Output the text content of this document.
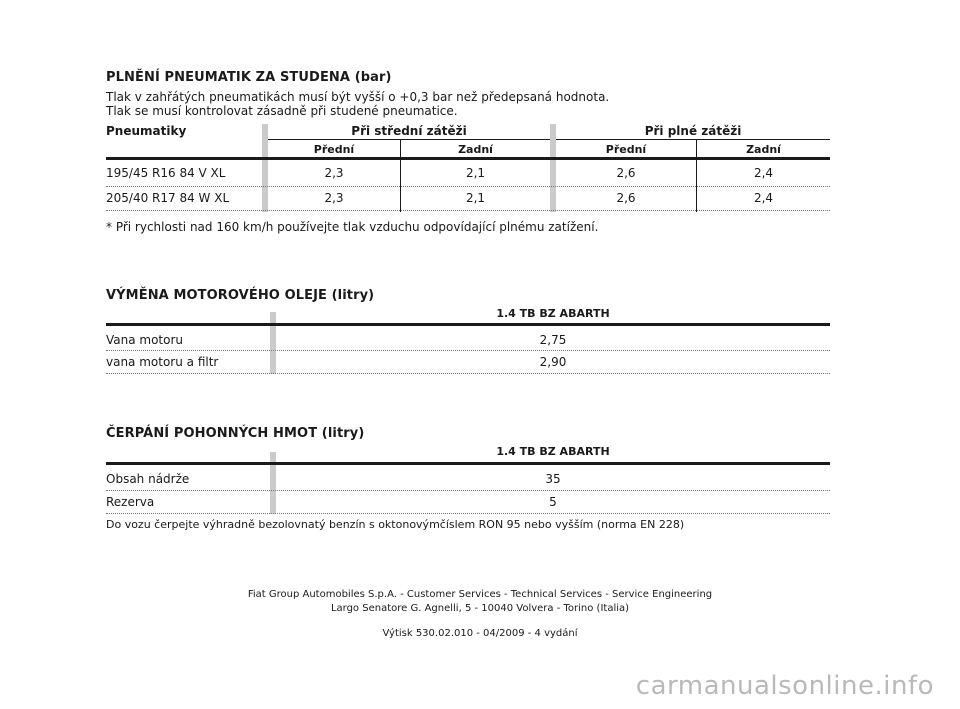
PLNĚNÍ PNEUMATIK ZA STUDENA (bar)
Tlak v zahřátých pneumatikách musí být vyšší o +0,3 bar než předepsaná hodnota.
Tlak se musí kontrolovat zásadně při studené pneumatice.
Pneumatiky	Při střední zátěži	Při plné zátěži
Přední	Zadní	Přední	Zadní
195/45 R16 84 V XL	2,3	2,1	2,6	2,4
205/40 R17 84 W XL	2,3	2,1	2,6	2,4
* Při rychlosti nad 160 km/h používejte tlak vzduchu odpovídající plnému zatížení.
VÝMĚNA MOTOROVÉHO OLEJE (litry)
1.4 TB BZ ABARTH
Vana motoru	2,75
vana motoru a filtr	2,90
ČERPÁNÍ POHONNÝCH HMOT (litry)
1.4 TB BZ ABARTH
Obsah nádrže	35
Rezerva	5
Do vozu čerpejte výhradně bezolovnatý benzín s oktonovýmčíslem RON 95 nebo vyšším (norma EN 228)
Fiat Group Automobiles S.p.A. - Customer Services - Technical Services - Service Engineering
Largo Senatore G. Agnelli, 5 - 10040 Volvera - Torino (Italia)
Výtisk 530.02.010 - 04/2009 - 4 vydání
carmanualsonline.info
